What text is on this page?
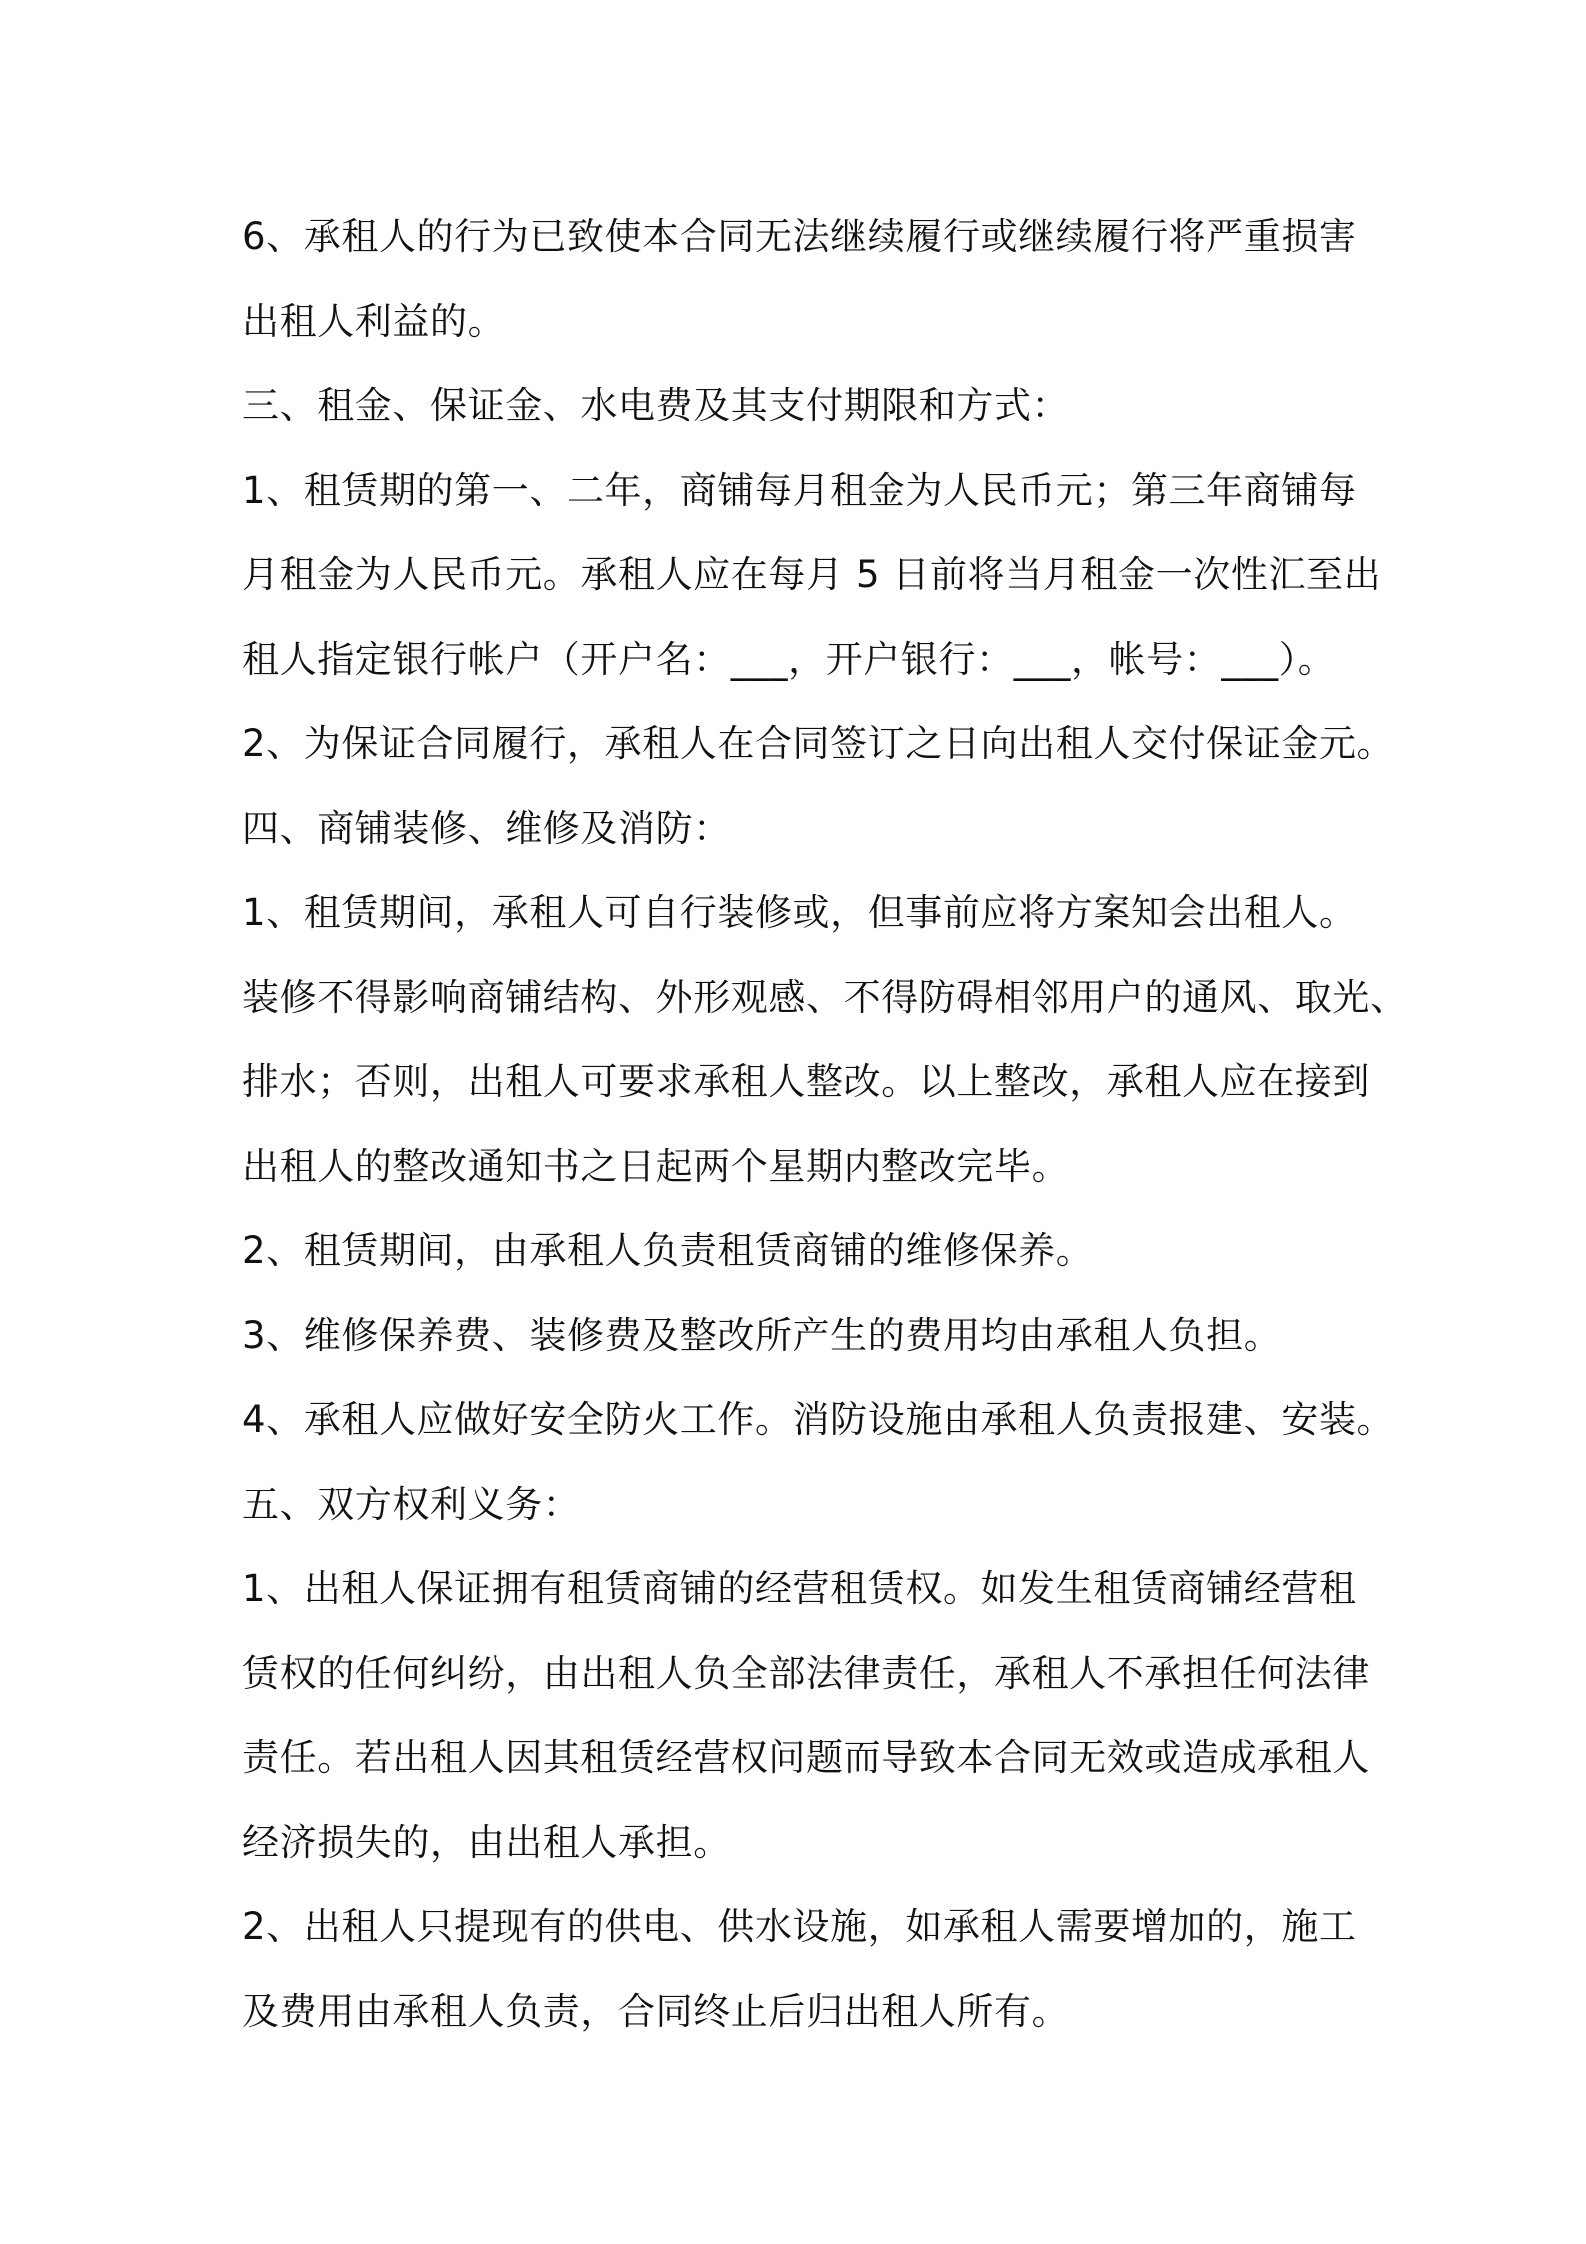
6、承租人的行为已致使本合同无法继续履行或继续履行将严重损害
出租人利益的。
三、租金、保证金、水电费及其支付期限和方式：
1、租赁期的第一、二年，商铺每月租金为人民币元；第三年商铺每
月租金为人民币元。承租人应在每月 5 日前将当月租金一次性汇至出
租人指定银行帐户（开户名：___，开户银行：___，帐号：___）。
2、为保证合同履行，承租人在合同签订之日向出租人交付保证金元。
四、商铺装修、维修及消防：
1、租赁期间，承租人可自行装修或，但事前应将方案知会出租人。
装修不得影响商铺结构、外形观感、不得防碍相邻用户的通风、取光、
排水；否则，出租人可要求承租人整改。以上整改，承租人应在接到
出租人的整改通知书之日起两个星期内整改完毕。
2、租赁期间，由承租人负责租赁商铺的维修保养。
3、维修保养费、装修费及整改所产生的费用均由承租人负担。
4、承租人应做好安全防火工作。消防设施由承租人负责报建、安装。
五、双方权利义务：
1、出租人保证拥有租赁商铺的经营租赁权。如发生租赁商铺经营租
赁权的任何纠纷，由出租人负全部法律责任，承租人不承担任何法律
责任。若出租人因其租赁经营权问题而导致本合同无效或造成承租人
经济损失的，由出租人承担。
2、出租人只提现有的供电、供水设施，如承租人需要增加的，施工
及费用由承租人负责，合同终止后归出租人所有。
